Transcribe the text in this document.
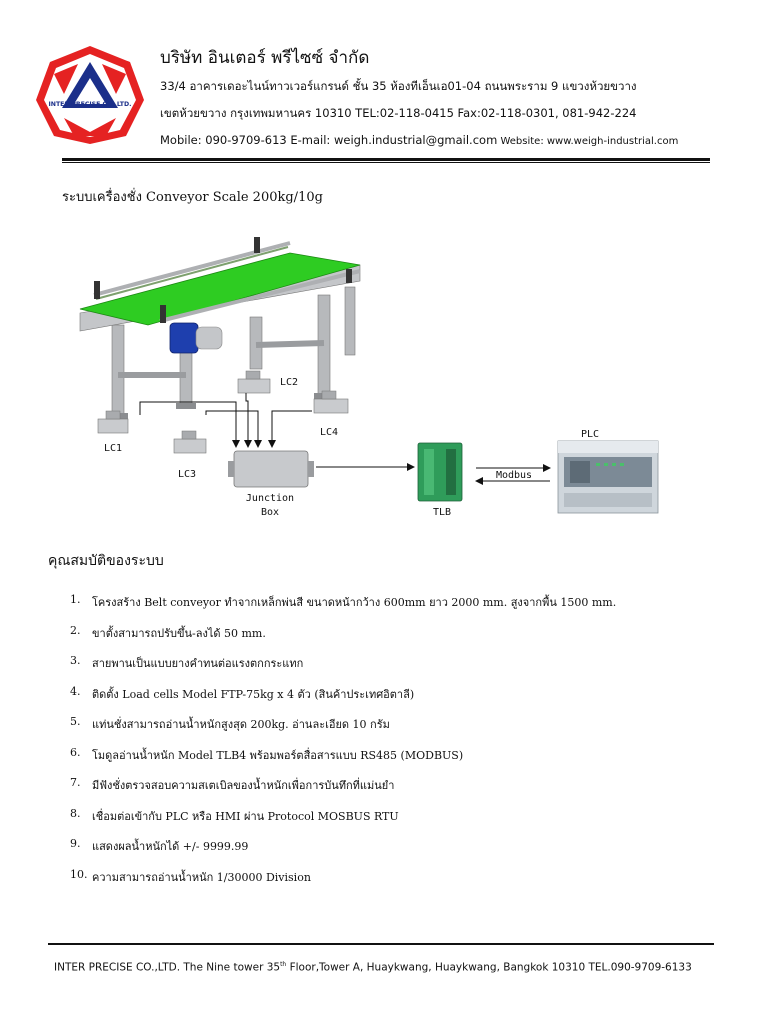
INTER PRECISE CO.,LTD.
บริษัท อินเตอร์ พรีไซซ์ จำกัด
33/4 อาคารเดอะไนน์ทาวเวอร์แกรนด์ ชั้น 35 ห้องทีเอ็นเอ01-04 ถนนพระราม 9 แขวงห้วยขวาง
เขตห้วยขวาง กรุงเทพมหานคร 10310 TEL:02-118-0415 Fax:02-118-0301, 081-942-224
Mobile: 090-9709-613 E-mail: weigh.industrial@gmail.com Website: www.weigh-industrial.com
ระบบเครื่องชั่ง Conveyor Scale 200kg/10g
LC2
LC4
LC1
LC3
Junction
Box	TLB
Modbus
PLC
คุณสมบัติของระบบ
1.	โครงสร้าง Belt conveyor ทำจากเหล็กพ่นสี ขนาดหน้ากว้าง 600mm ยาว 2000 mm. สูงจากพื้น 1500 mm.
2.	ขาตั้งสามารถปรับขึ้น-ลงได้ 50 mm.
3.	สายพานเป็นแบบยางคำทนต่อแรงตกกระแทก
4.	ติดตั้ง Load cells Model FTP-75kg x 4 ตัว (สินค้าประเทศอิตาลี)
5.	แท่นชั่งสามารถอ่านน้ำหนักสูงสุด 200kg. อ่านละเอียด 10 กรัม
6.	โมดูลอ่านน้ำหนัก Model TLB4 พร้อมพอร์ตสื่อสารแบบ RS485 (MODBUS)
7.	มีฟังชั่งตรวจสอบความสเตเบิลของน้ำหนักเพื่อการบันทึกที่แม่นยำ
8.	เชื่อมต่อเข้ากับ PLC หรือ HMI ผ่าน Protocol MOSBUS RTU
9.	แสดงผลน้ำหนักได้ +/- 9999.99
10. ความสามารถอ่านน้ำหนัก 1/30000 Division
INTER PRECISE CO.,LTD. The Nine tower 35th Floor,Tower A, Huaykwang, Huaykwang, Bangkok 10310 TEL.090-9709-6133
